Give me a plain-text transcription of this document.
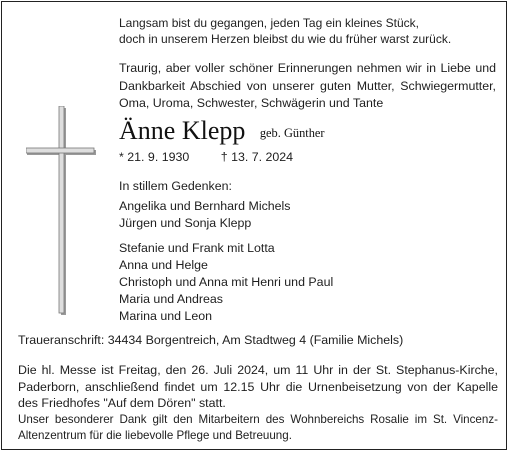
Langsam bist du gegangen, jeden Tag ein kleines Stück,
doch in unserem Herzen bleibst du wie du früher warst zurück.

Traurig, aber voller schöner Erinnerungen nehmen wir in Liebe und Dankbarkeit Abschied von unserer guten Mutter, Schwiegermutter, Oma, Uroma, Schwester, Schwägerin und Tante

Änne Klepp geb. Günther
* 21. 9. 1930	† 13. 7. 2024
In stillem Gedenken:
Angelika und Bernhard Michels
Jürgen und Sonja Klepp
Stefanie und Frank mit Lotta
Anna und Helge
Christoph und Anna mit Henri und Paul
Maria und Andreas
Marina und Leon
Traueranschrift: 34434 Borgentreich, Am Stadtweg 4 (Familie Michels)

Die hl. Messe ist Freitag, den 26. Juli 2024, um 11 Uhr in der St. Stephanus-Kirche, Paderborn, anschließend findet um 12.15 Uhr die Urnenbeisetzung von der Kapelle des Friedhofes "Auf dem Dören" statt.

Unser besonderer Dank gilt den Mitarbeitern des Wohnbereichs Rosalie im St. Vincenz-Altenzentrum für die liebevolle Pflege und Betreuung.
